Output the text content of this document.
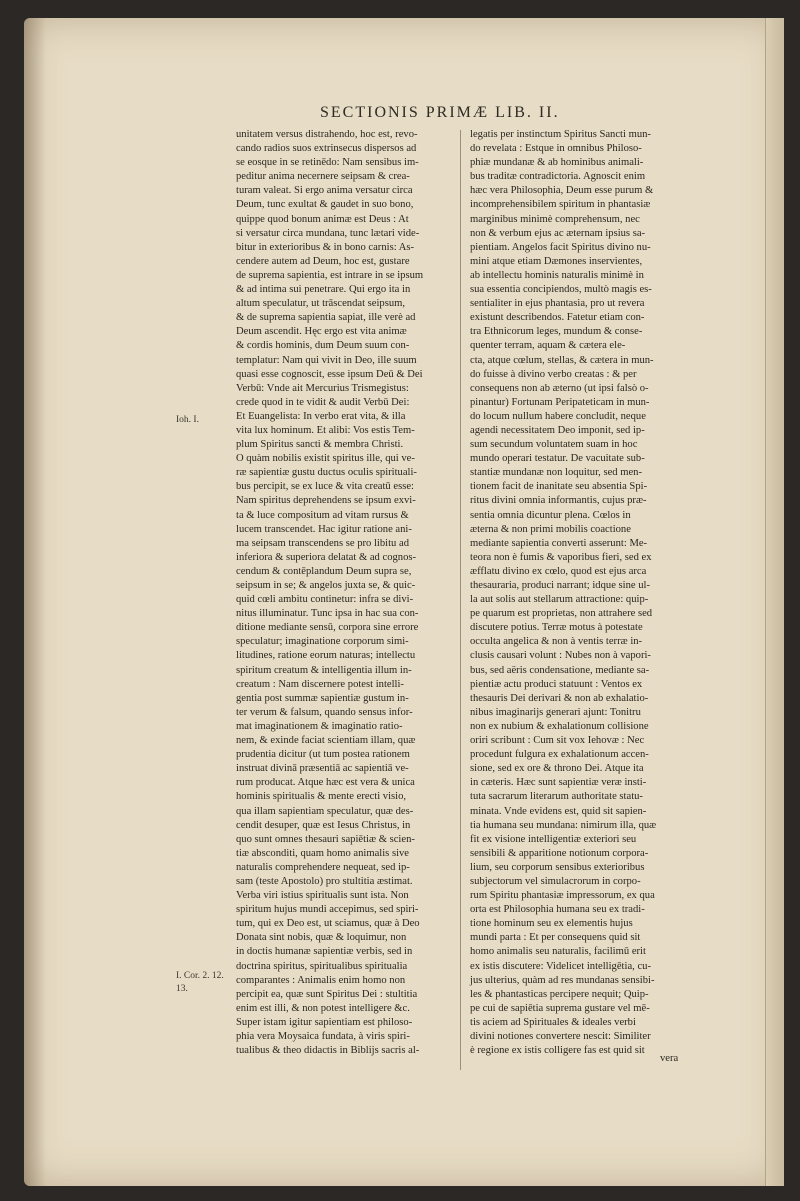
SECTIONIS PRIMÆ LIB. II.
unitatem versus distrahendo, hoc est, revo-
cando radios suos extrinsecus dispersos ad
se eosque in se retinēdo: Nam sensibus im-
peditur anima necernere seipsam & crea-
turam valeat. Si ergo anima versatur circa
Deum, tunc exultat & gaudet in suo bono,
quippe quod bonum animæ est Deus : At
si versatur circa mundana, tunc lætari vide-
bitur in exterioribus & in bono carnis: As-
cendere autem ad Deum, hoc est, gustare
de suprema sapientia, est intrare in se ipsum
& ad intima sui penetrare. Qui ergo ita in
altum speculatur, ut trāscendat seipsum,
& de suprema sapientia sapiat, ille verè ad
Deum ascendit. Hęc ergo est vita animæ
& cordis hominis, dum Deum suum con-
templatur: Nam qui vivit in Deo, ille suum
quasi esse cognoscit, esse ipsum Deū & Dei
Verbū: Vnde ait Mercurius Trismegistus:
crede quod in te vidit & audit Verbū Dei:
Et Euangelista: In verbo erat vita, & illa
vita lux hominum. Et alibi: Vos estis Tem-
plum Spiritus sancti & membra Christi.
O quàm nobilis existit spiritus ille, qui ve-
ræ sapientiæ gustu ductus oculis spirituali-
bus percipit, se ex luce & vita creatū esse:
Nam spiritus deprehendens se ipsum exvi-
ta & luce compositum ad vitam rursus &
lucem transcendet. Hac igitur ratione ani-
ma seipsam transcendens se pro libitu ad
inferiora & superiora delatat & ad cognos-
cendum & contēplandum Deum supra se,
seipsum in se; & angelos juxta se, & quic-
quid cœli ambitu continetur: infra se divi-
nitus illuminatur. Tunc ipsa in hac sua con-
ditione mediante sensū, corpora sine errore
speculatur; imaginatione corporum simi-
litudines, ratione eorum naturas; intellectu
spiritum creatum & intelligentia illum in-
creatum : Nam discernere potest intelli-
gentia post summæ sapientiæ gustum in-
ter verum & falsum, quando sensus infor-
mat imaginationem & imaginatio ratio-
nem, & exinde faciat scientiam illam, quæ
prudentia dicitur (ut tum postea rationem
instruat divinā præsentiā ac sapientiā ve-
rum producat. Atque hæc est vera & unica
hominis spiritualis & mente erecti visio,
qua illam sapientiam speculatur, quæ des-
cendit desuper, quæ est Iesus Christus, in
quo sunt omnes thesauri sapiētiæ & scien-
tiæ absconditi, quam homo animalis sive
naturalis comprehendere nequeat, sed ip-
sam (teste Apostolo) pro stultitia æstimat.
Verba viri istius spiritualis sunt ista. Non
spiritum hujus mundi accepimus, sed spiri-
tum, qui ex Deo est, ut sciamus, quæ à Deo
Donata sint nobis, quæ & loquimur, non
in doctis humanæ sapientiæ verbis, sed in
doctrina spiritus, spiritualibus spiritualia
comparantes : Animalis enim homo non
percipit ea, quæ sunt Spiritus Dei : stultitia
enim est illi, & non potest intelligere &c.
Super istam igitur sapientiam est philoso-
phia vera Moysaica fundata, à viris spiri-
tualibus & theo didactis in Biblijs sacris al-
legatis per instinctum Spiritus Sancti mun-
do revelata : Estque in omnibus Philoso-
phiæ mundanæ & ab hominibus animali-
bus traditæ contradictoria. Agnoscit enim
hæc vera Philosophia, Deum esse purum &
incomprehensibilem spiritum in phantasiæ
marginibus minimè comprehensum, nec
non & verbum ejus ac æternam ipsius sa-
pientiam. Angelos facit Spiritus divino nu-
mini atque etiam Dæmones inservientes,
ab intellectu hominis naturalis minimè in
sua essentia concipiendos, multò magis es-
sentialiter in ejus phantasia, pro ut revera
existunt describendos. Fatetur etiam con-
tra Ethnicorum leges, mundum & conse-
quenter terram, aquam & cætera ele-
cta, atque cœlum, stellas, & cætera in mun-
do fuisse à divino verbo creatas : & per
consequens non ab æterno (ut ipsi falsò o-
pinantur) Fortunam Peripateticam in mun-
do locum nullum habere concludit, neque
agendi necessitatem Deo imponit, sed ip-
sum secundum voluntatem suam in hoc
mundo operari testatur. De vacuitate sub-
stantiæ mundanæ non loquitur, sed men-
tionem facit de inanitate seu absentia Spi-
ritus divini omnia informantis, cujus præ-
sentia omnia dicuntur plena. Cœlos in
æterna & non primi mobilis coactione
mediante sapientia converti asserunt: Me-
teora non è fumis & vaporibus fieri, sed ex
æfflatu divino ex cœlo, quod est ejus arca
thesauraria, produci narrant; idque sine ul-
la aut solis aut stellarum attractione: quip-
pe quarum est proprietas, non attrahere sed
discutere potius. Terræ motus à potestate
occulta angelica & non à ventis terræ in-
clusis causari volunt : Nubes non à vapori-
bus, sed aëris condensatione, mediante sa-
pientiæ actu produci statuunt : Ventos ex
thesauris Dei derivari & non ab exhalatio-
nibus imaginarijs generari ajunt: Tonitru
non ex nubium & exhalationum collisione
oriri scribunt : Cum sit vox Iehovæ : Nec
procedunt fulgura ex exhalationum accen-
sione, sed ex ore & throno Dei. Atque ita
in cæteris. Hæc sunt sapientiæ veræ insti-
tuta sacrarum literarum authoritate statu-
minata. Vnde evidens est, quid sit sapien-
tia humana seu mundana: nimirum illa, quæ
fit ex visione intelligentiæ exteriori seu
sensibili & apparitione notionum corpora-
lium, seu corporum sensibus exterioribus
subjectorum vel simulacrorum in corpo-
rum Spiritu phantasiæ impressorum, ex qua
orta est Philosophia humana seu ex tradi-
tione hominum seu ex elementis hujus
mundi parta : Et per consequens quid sit
homo animalis seu naturalis, facilimū erit
ex istis discutere: Videlicet intelligētia, cu-
jus ulterius, quàm ad res mundanas sensibi-
les & phantasticas percipere nequit; Quip-
pe cui de sapiētia suprema gustare vel mē-
tis aciem ad Spirituales & ideales verbi
divini notiones convertere nescit: Similiter
è regione ex istis colligere fas est quid sit
Ioh. I.
I. Cor. 2. 12.
13.
vera
